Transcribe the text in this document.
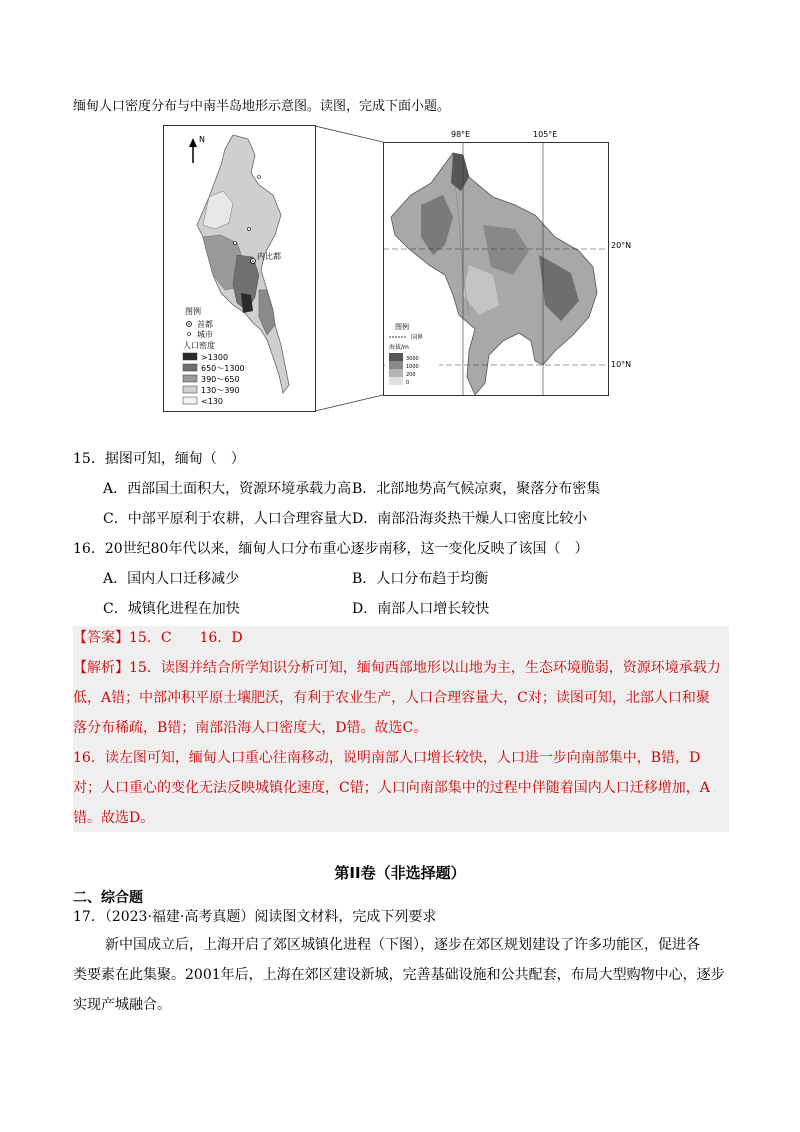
缅甸人口密度分布与中南半岛地形示意图。读图，完成下面小题。
N
内比都
图例
首都
城市
人口密度
>1300
650～1300
390～650
130～390
<130
98°E	105°E
20°N
10°N
图例
国界
海拔/m
3000
1000
200
0
15．据图可知，缅甸（　）
A．西部国土面积大，资源环境承载力高 B．北部地势高气候凉爽，聚落分布密集
C．中部平原利于农耕，人口合理容量大 D．南部沿海炎热干燥人口密度比较小
16．20世纪80年代以来，缅甸人口分布重心逐步南移，这一变化反映了该国（　）
A．国内人口迁移减少	B．人口分布趋于均衡
C．城镇化进程在加快	D．南部人口增长较快
【答案】15．C　　16．D
【解析】15．读图并结合所学知识分析可知，缅甸西部地形以山地为主，生态环境脆弱，资源环境承载力
低，A错；中部冲积平原土壤肥沃，有利于农业生产，人口合理容量大，C对；读图可知，北部人口和聚
落分布稀疏，B错；南部沿海人口密度大，D错。故选C。
16．读左图可知，缅甸人口重心往南移动，说明南部人口增长较快，人口进一步向南部集中，B错，D
对；人口重心的变化无法反映城镇化速度，C错；人口向南部集中的过程中伴随着国内人口迁移增加，A
错。故选D。
第II卷（非选择题）
二、综合题
17．（2023·福建·高考真题）阅读图文材料，完成下列要求
新中国成立后，上海开启了郊区城镇化进程（下图），逐步在郊区规划建设了许多功能区，促进各
类要素在此集聚。2001年后，上海在郊区建设新城，完善基础设施和公共配套，布局大型购物中心，逐步
实现产城融合。
